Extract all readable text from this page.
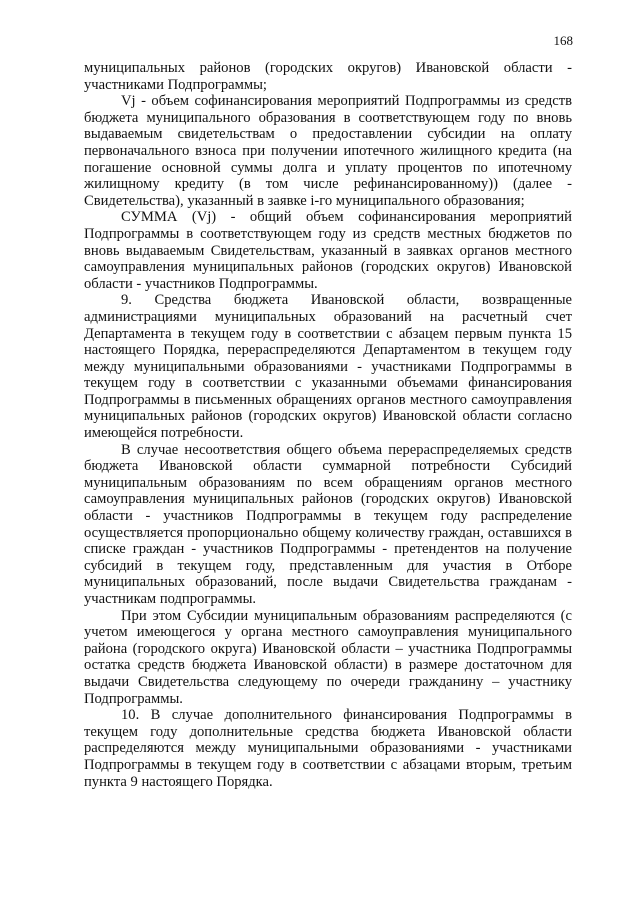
168

муниципальных районов (городских округов) Ивановской области - участниками Подпрограммы;

Vj - объем софинансирования мероприятий Подпрограммы из средств бюджета муниципального образования в соответствующем году по вновь выдаваемым свидетельствам о предоставлении субсидии на оплату первоначального взноса при получении ипотечного жилищного кредита (на погашение основной суммы долга и уплату процентов по ипотечному жилищному кредиту (в том числе рефинансированному)) (далее - Свидетельства), указанный в заявке i-го муниципального образования;

СУММА (Vj) - общий объем софинансирования мероприятий Подпрограммы в соответствующем году из средств местных бюджетов по вновь выдаваемым Свидетельствам, указанный в заявках органов местного самоуправления муниципальных районов (городских округов) Ивановской области - участников Подпрограммы.

9. Средства бюджета Ивановской области, возвращенные администрациями муниципальных образований на расчетный счет Департамента в текущем году в соответствии с абзацем первым пункта 15 настоящего Порядка, перераспределяются Департаментом в текущем году между муниципальными образованиями - участниками Подпрограммы в текущем году в соответствии с указанными объемами финансирования Подпрограммы в письменных обращениях органов местного самоуправления муниципальных районов (городских округов) Ивановской области согласно имеющейся потребности.

В случае несоответствия общего объема перераспределяемых средств бюджета Ивановской области суммарной потребности Субсидий муниципальным образованиям по всем обращениям органов местного самоуправления муниципальных районов (городских округов) Ивановской области - участников Подпрограммы в текущем году распределение осуществляется пропорционально общему количеству граждан, оставшихся в списке граждан - участников Подпрограммы - претендентов на получение субсидий в текущем году, представленным для участия в Отборе муниципальных образований, после выдачи Свидетельства гражданам - участникам подпрограммы.

При этом Субсидии муниципальным образованиям распределяются (с учетом имеющегося у органа местного самоуправления муниципального района (городского округа) Ивановской области – участника Подпрограммы остатка средств бюджета Ивановской области) в размере достаточном для выдачи Свидетельства следующему по очереди гражданину – участнику Подпрограммы.

10. В случае дополнительного финансирования Подпрограммы в текущем году дополнительные средства бюджета Ивановской области распределяются между муниципальными образованиями - участниками Подпрограммы в текущем году в соответствии с абзацами вторым, третьим пункта 9 настоящего Порядка.
